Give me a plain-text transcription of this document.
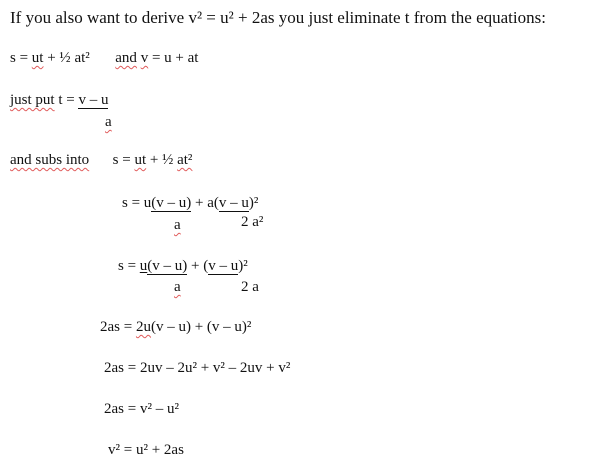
If you also want to derive v² = u² + 2as you just eliminate t from the equations:
s = ut + ½ at² and v = u + at
just put t = v – u
a
and subs into s = ut + ½ at²
s = u(v – u) + a(v – u)²
a	2 a²
s = u(v – u) + (v – u)²
a	2 a
2as = 2u(v – u) + (v – u)²
2as = 2uv – 2u² + v² – 2uv + v²
2as = v² – u²
v² = u² + 2as
